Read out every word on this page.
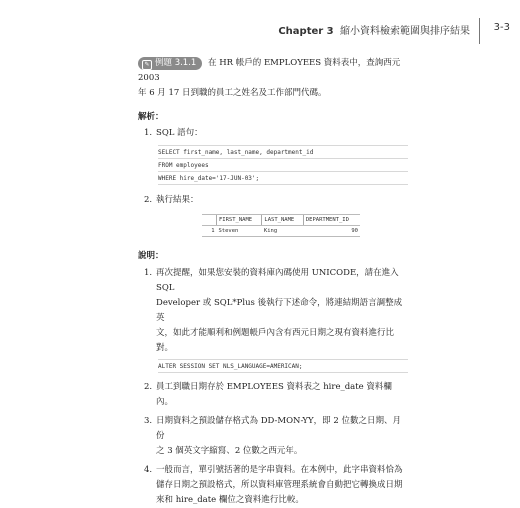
Chapter 3 縮小資料檢索範圍與排序結果 3-3
✎ 例題 3.1.1 在 HR 帳戶的 EMPLOYEES 資料表中，查詢西元 2003
年 6 月 17 日到職的員工之姓名及工作部門代碼。
解析：
1. SQL 語句：
SELECT first_name, last_name, department_id
FROM employees
WHERE hire_date='17-JUN-03';
2. 執行結果：
	FIRST_NAME	LAST_NAME	DEPARTMENT_ID
1	Steven	King	90
說明：
1. 再次提醒，如果您安裝的資料庫內碼使用 UNICODE，請在進入 SQL
Developer 或 SQL*Plus 後執行下述命令，將連結期語言調整成英
文，如此才能順利和例題帳戶內含有西元日期之現有資料進行比
對。
ALTER SESSION SET NLS_LANGUAGE=AMERICAN;
2. 員工到職日期存於 EMPLOYEES 資料表之 hire_date 資料欄內。
3. 日期資料之預設儲存格式為 DD-MON-YY，即 2 位數之日期、月份
之 3 個英文字縮寫、2 位數之西元年。
4. 一般而言，單引號括著的是字串資料。在本例中，此字串資料恰為
儲存日期之預設格式，所以資料庫管理系統會自動把它轉換成日期
來和 hire_date 欄位之資料進行比較。
